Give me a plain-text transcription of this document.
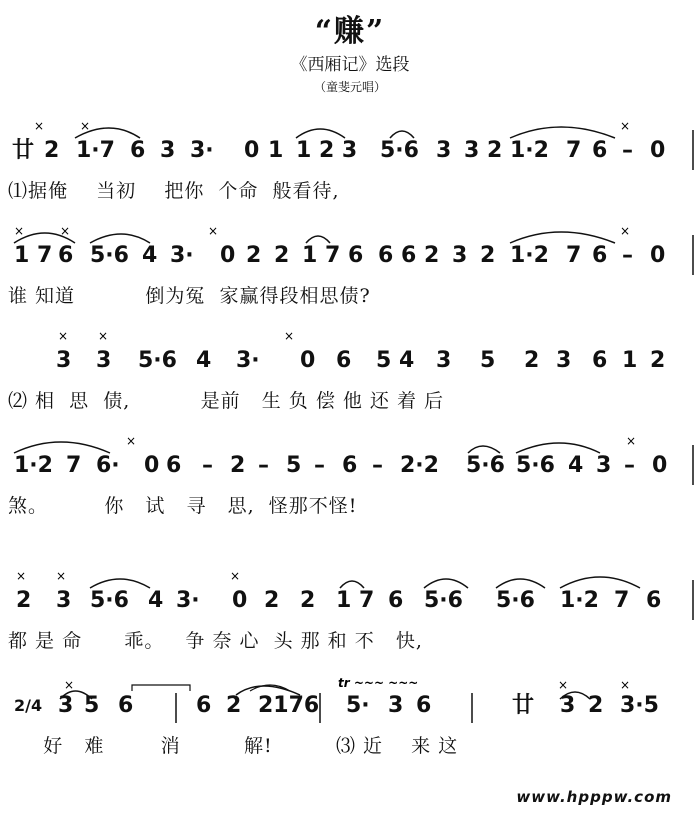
“赚”
《西厢记》选段
（童斐元唱）
×	×	×
廿 2 1·7 6 3 3· 0 1 1 2 3 5·6 3 3 2 1·2 7 6 – 0
⑴据俺    当初    把你  个命  般看待,
×	×	×	×
1 7 6 5·6 4 3· 0 2 2 1 7 6 6 6 2 3 2 1·2 7 6 – 0
谁 知道          倒为冤  家赢得段相思债?
× ×	×
3 3 5·6 4 3· 0 6 5 4 3 5 2 3 6 1 2
⑵ 相  思  债,          是前   生 负 偿 他 还 着 后
×	×
1·2 7 6· 0 6 – 2 – 5 – 6 – 2·2 5·6 5·6 4 3 – 0
煞。        你   试   寻   思,  怪那不怪!
× ×	×
2 3 5·6 4 3· 0 2 2 1 7 6 5·6 5·6 1·2 7 6
都 是 命      乖。   争 奈 心  头 那 和 不   快,
tr ~~~ ~~~
×	×	×
2/4 3 5 6	6 2 2176 5· 3 6	廿 3 2 3·5
好   难        消         解!         ⑶ 近    来 这
www.hpppw.com
